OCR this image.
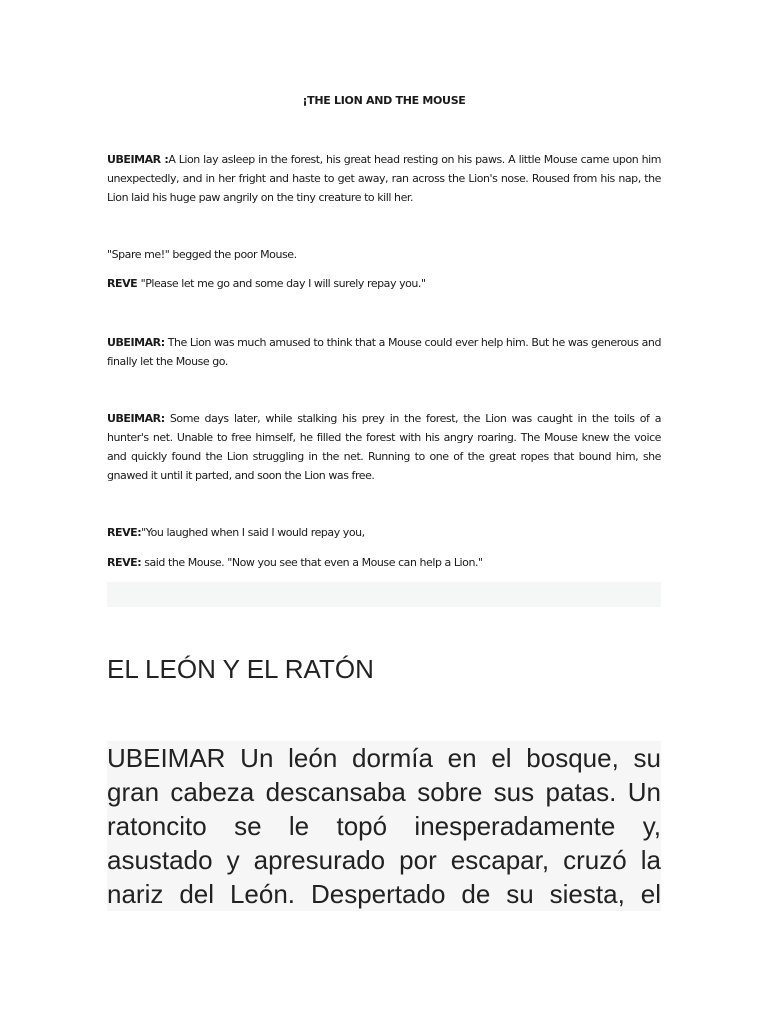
¡THE LION AND THE MOUSE
UBEIMAR :A Lion lay asleep in the forest, his great head resting on his paws. A little Mouse came upon him unexpectedly, and in her fright and haste to get away, ran across the Lion's nose. Roused from his nap, the Lion laid his huge paw angrily on the tiny creature to kill her.
"Spare me!" begged the poor Mouse.
REVE "Please let me go and some day I will surely repay you."
UBEIMAR: The Lion was much amused to think that a Mouse could ever help him. But he was generous and finally let the Mouse go.
UBEIMAR: Some days later, while stalking his prey in the forest, the Lion was caught in the toils of a hunter's net. Unable to free himself, he filled the forest with his angry roaring. The Mouse knew the voice and quickly found the Lion struggling in the net. Running to one of the great ropes that bound him, she gnawed it until it parted, and soon the Lion was free.
REVE:"You laughed when I said I would repay you,
REVE: said the Mouse. "Now you see that even a Mouse can help a Lion."
EL LEÓN Y EL RATÓN
UBEIMAR Un león dormía en el bosque, su
gran cabeza descansaba sobre sus patas. Un
ratoncito se le topó inesperadamente y,
asustado y apresurado por escapar, cruzó la
nariz del León. Despertado de su siesta, el
